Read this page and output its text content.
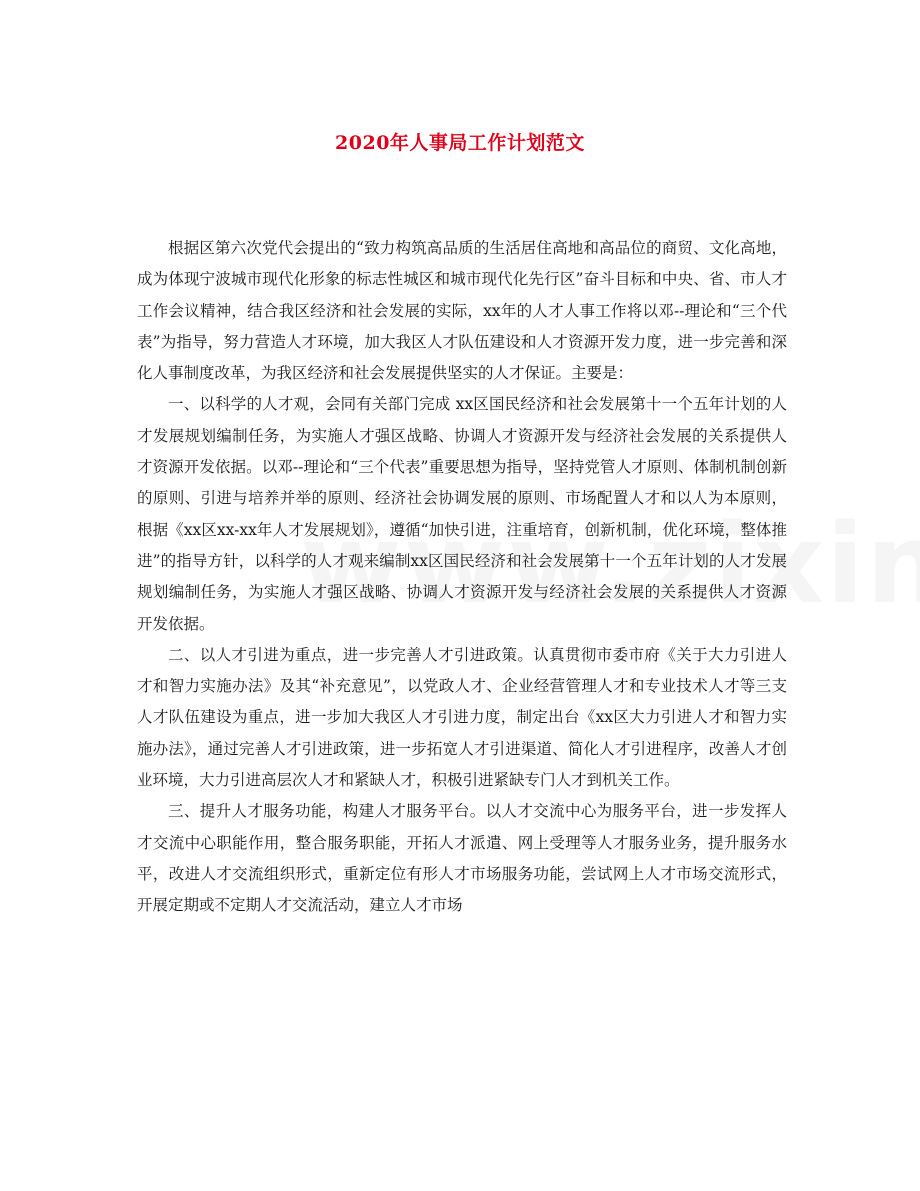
2020年人事局工作计划范文

根据区第六次党代会提出的“致力构筑高品质的生活居住高地和高品位的商贸、文化高地，成为体现宁波城市现代化形象的标志性城区和城市现代化先行区”奋斗目标和中央、省、市人才工作会议精神，结合我区经济和社会发展的实际，xx年的人才人事工作将以邓--理论和“三个代表”为指导，努力营造人才环境，加大我区人才队伍建设和人才资源开发力度，进一步完善和深化人事制度改革，为我区经济和社会发展提供坚实的人才保证。主要是：

一、以科学的人才观，会同有关部门完成 xx区国民经济和社会发展第十一个五年计划的人才发展规划编制任务，为实施人才强区战略、协调人才资源开发与经济社会发展的关系提供人才资源开发依据。以邓--理论和“三个代表”重要思想为指导，坚持党管人才原则、体制机制创新的原则、引进与培养并举的原则、经济社会协调发展的原则、市场配置人才和以人为本原则，根据《xx区xx-xx年人才发展规划》，遵循“加快引进，注重培育，创新机制，优化环境，整体推进”的指导方针，以科学的人才观来编制xx区国民经济和社会发展第十一个五年计划的人才发展规划编制任务，为实施人才强区战略、协调人才资源开发与经济社会发展的关系提供人才资源开发依据。

二、以人才引进为重点，进一步完善人才引进政策。认真贯彻市委市府《关于大力引进人才和智力实施办法》及其“补充意见”，以党政人才、企业经营管理人才和专业技术人才等三支人才队伍建设为重点，进一步加大我区人才引进力度，制定出台《xx区大力引进人才和智力实施办法》，通过完善人才引进政策，进一步拓宽人才引进渠道、简化人才引进程序，改善人才创业环境，大力引进高层次人才和紧缺人才，积极引进紧缺专门人才到机关工作。

三、提升人才服务功能，构建人才服务平台。以人才交流中心为服务平台，进一步发挥人才交流中心职能作用，整合服务职能，开拓人才派遣、网上受理等人才服务业务，提升服务水平，改进人才交流组织形式，重新定位有形人才市场服务功能，尝试网上人才市场交流形式，开展定期或不定期人才交流活动，建立人才市场
